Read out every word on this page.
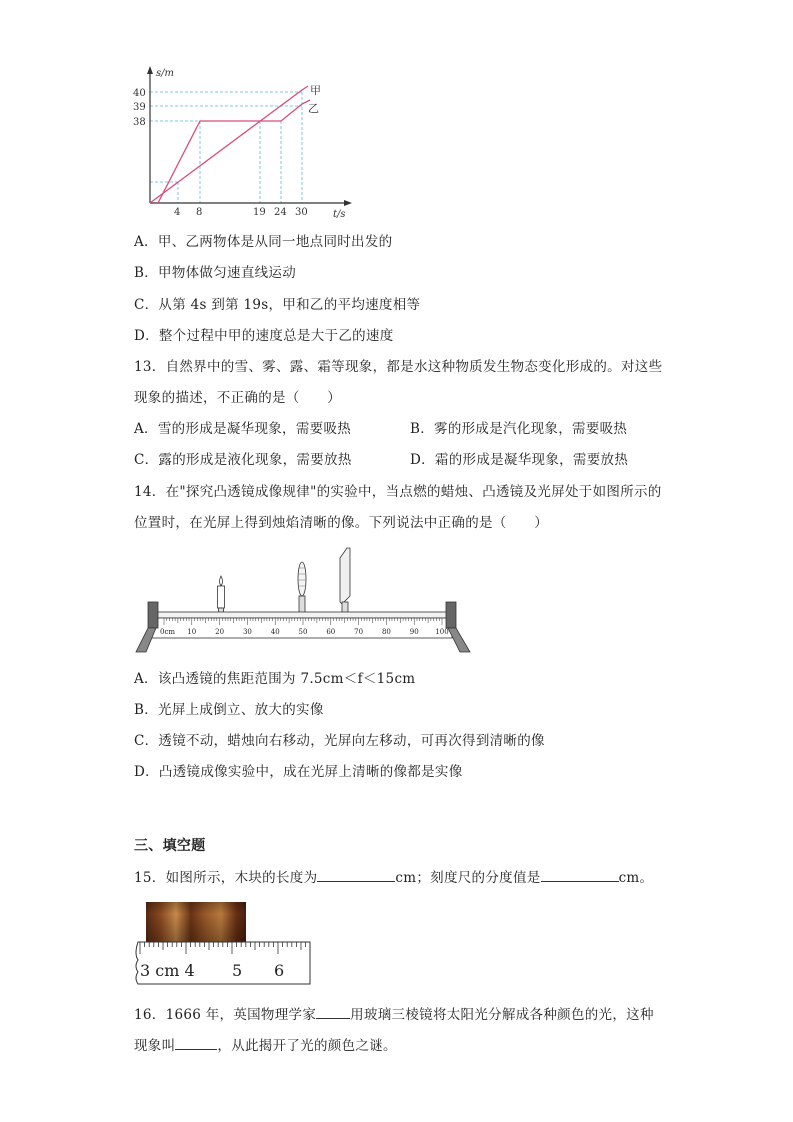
s/m
t/s
40
39
38
4 8	19 24 30
甲
乙
A．甲、乙两物体是从同一地点同时出发的
B．甲物体做匀速直线运动
C．从第 4s 到第 19s，甲和乙的平均速度相等
D．整个过程中甲的速度总是大于乙的速度
13．自然界中的雪、雾、露、霜等现象，都是水这种物质发生物态变化形成的。对这些
现象的描述，不正确的是（　　）
A．雪的形成是凝华现象，需要吸热	B．雾的形成是汽化现象，需要吸热
C．露的形成是液化现象，需要放热	D．霜的形成是凝华现象，需要放热
14．在"探究凸透镜成像规律"的实验中，当点燃的蜡烛、凸透镜及光屏处于如图所示的
位置时，在光屏上得到烛焰清晰的像。下列说法中正确的是（　　）
0cm 10	20	30	40	50	60	70	80	90 100
A．该凸透镜的焦距范围为 7.5cm＜f＜15cm
B．光屏上成倒立、放大的实像
C．透镜不动，蜡烛向右移动，光屏向左移动，可再次得到清晰的像
D．凸透镜成像实验中，成在光屏上清晰的像都是实像
三、填空题
15．如图所示，木块的长度为	cm；刻度尺的分度值是	cm。
3 cm 4 5 6
16．1666 年，英国物理学家	用玻璃三棱镜将太阳光分解成各种颜色的光，这种
现象叫	，从此揭开了光的颜色之谜。
